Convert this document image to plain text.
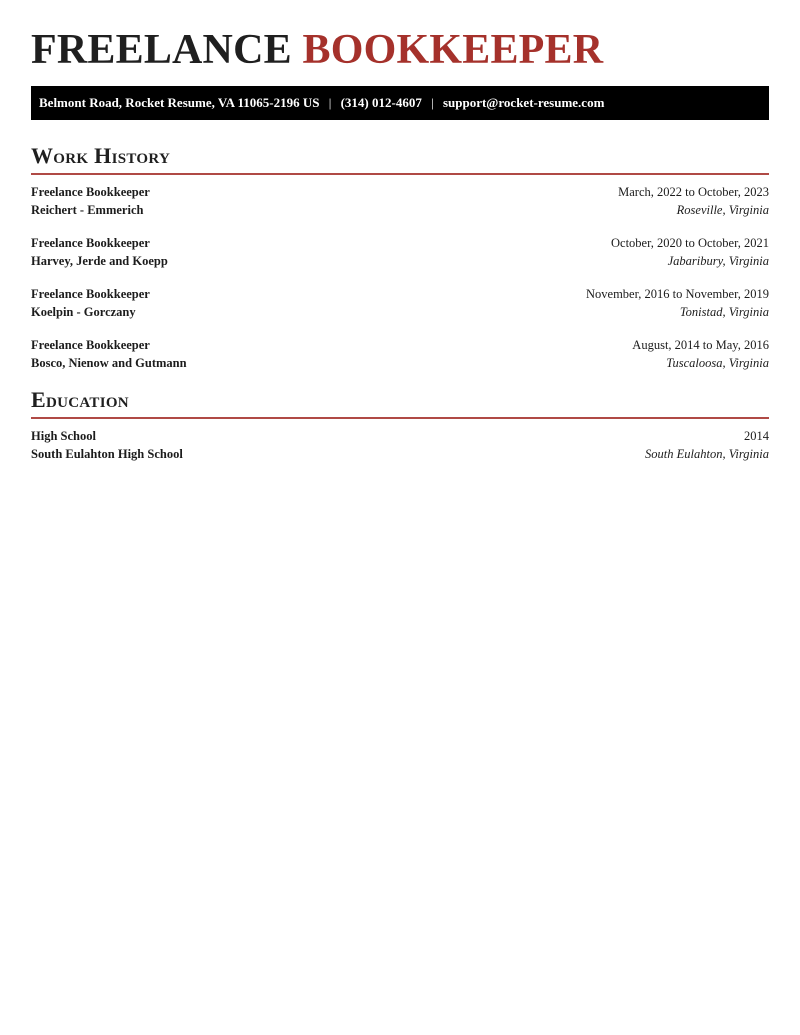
FREELANCE BOOKKEEPER
Belmont Road, Rocket Resume, VA 11065-2196 US | (314) 012-4607 | support@rocket-resume.com
Work History
Freelance Bookkeeper	March, 2022 to October, 2023
Reichert - Emmerich	Roseville, Virginia
Freelance Bookkeeper	October, 2020 to October, 2021
Harvey, Jerde and Koepp	Jabaribury, Virginia
Freelance Bookkeeper	November, 2016 to November, 2019
Koelpin - Gorczany	Tonistad, Virginia
Freelance Bookkeeper	August, 2014 to May, 2016
Bosco, Nienow and Gutmann	Tuscaloosa, Virginia
Education
High School	2014
South Eulahton High School	South Eulahton, Virginia
